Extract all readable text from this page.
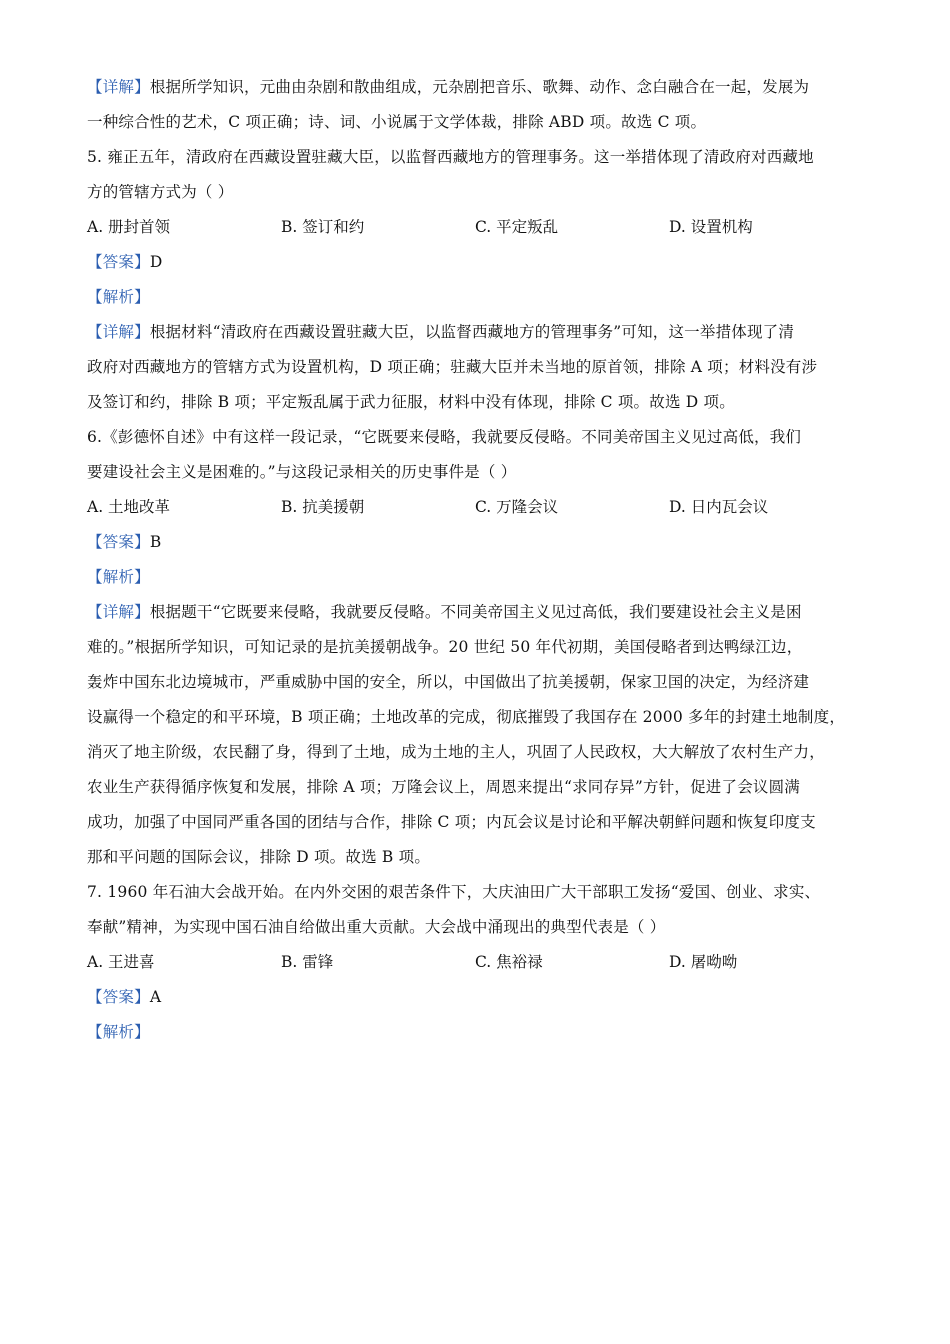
【详解】根据所学知识，元曲由杂剧和散曲组成，元杂剧把音乐、歌舞、动作、念白融合在一起，发展为
一种综合性的艺术，C 项正确；诗、词、小说属于文学体裁，排除 ABD 项。故选 C 项。
5. 雍正五年，清政府在西藏设置驻藏大臣，以监督西藏地方的管理事务。这一举措体现了清政府对西藏地
方的管辖方式为（ ）
A. 册封首领	B. 签订和约	C. 平定叛乱	D. 设置机构
【答案】D
【解析】
【详解】根据材料“清政府在西藏设置驻藏大臣，以监督西藏地方的管理事务”可知，这一举措体现了清
政府对西藏地方的管辖方式为设置机构，D 项正确；驻藏大臣并未当地的原首领，排除 A 项；材料没有涉
及签订和约，排除 B 项；平定叛乱属于武力征服，材料中没有体现，排除 C 项。故选 D 项。
6.《彭德怀自述》中有这样一段记录，“它既要来侵略，我就要反侵略。不同美帝国主义见过高低，我们
要建设社会主义是困难的。”与这段记录相关的历史事件是（ ）
A. 土地改革	B. 抗美援朝	C. 万隆会议	D. 日内瓦会议
【答案】B
【解析】
【详解】根据题干“它既要来侵略，我就要反侵略。不同美帝国主义见过高低，我们要建设社会主义是困
难的。”根据所学知识，可知记录的是抗美援朝战争。20 世纪 50 年代初期，美国侵略者到达鸭绿江边，
轰炸中国东北边境城市，严重威胁中国的安全，所以，中国做出了抗美援朝，保家卫国的决定，为经济建
设赢得一个稳定的和平环境，B 项正确；土地改革的完成，彻底摧毁了我国存在 2000 多年的封建土地制度，
消灭了地主阶级，农民翻了身，得到了土地，成为土地的主人，巩固了人民政权，大大解放了农村生产力，
农业生产获得循序恢复和发展，排除 A 项；万隆会议上，周恩来提出“求同存异”方针，促进了会议圆满
成功，加强了中国同严重各国的团结与合作，排除 C 项；内瓦会议是讨论和平解决朝鲜问题和恢复印度支
那和平问题的国际会议，排除 D 项。故选 B 项。
7. 1960 年石油大会战开始。在内外交困的艰苦条件下，大庆油田广大干部职工发扬“爱国、创业、求实、
奉献”精神，为实现中国石油自给做出重大贡献。大会战中涌现出的典型代表是（ ）
A. 王进喜	B. 雷锋	C. 焦裕禄	D. 屠呦呦
【答案】A
【解析】
